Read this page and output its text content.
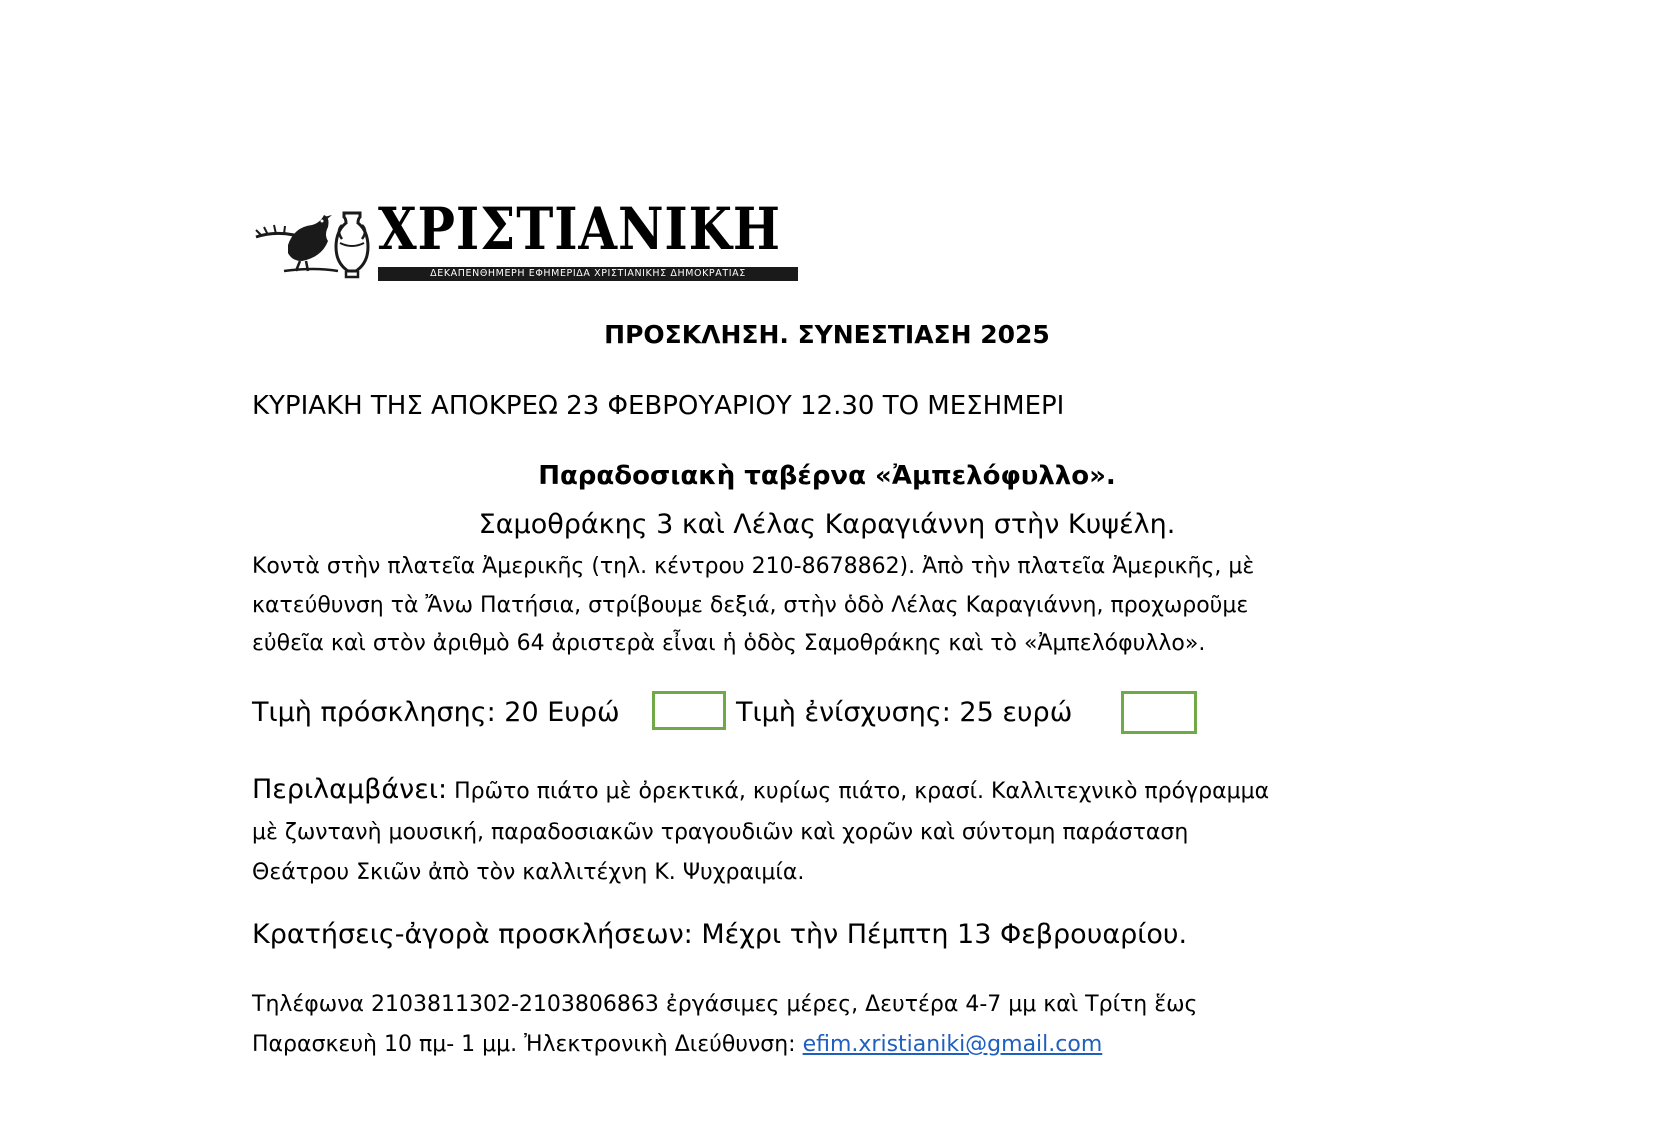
ΧΡΙΣΤΙΑΝΙΚΗ
ΔΕΚΑΠΕΝΘΗΜΕΡΗ ΕΦΗΜΕΡΙΔΑ ΧΡΙΣΤΙΑΝΙΚΗΣ ΔΗΜΟΚΡΑΤΙΑΣ
ΠΡΟΣΚΛΗΣΗ. ΣΥΝΕΣΤΙΑΣΗ 2025
ΚΥΡΙΑΚΗ ΤΗΣ ΑΠΟΚΡΕΩ 23 ΦΕΒΡΟΥΑΡΙΟΥ 12.30 ΤΟ ΜΕΣΗΜΕΡΙ
Παραδοσιακὴ ταβέρνα «Ἀμπελόφυλλο».
Σαμοθράκης 3 καὶ Λέλας Καραγιάννη στὴν Κυψέλη.
Κοντὰ στὴν πλατεῖα Ἀμερικῆς (τηλ. κέντρου 210-8678862). Ἀπὸ τὴν πλατεῖα Ἀμερικῆς, μὲ
κατεύθυνση τὰ Ἄνω Πατήσια, στρίβουμε δεξιά, στὴν ὁδὸ Λέλας Καραγιάννη, προχωροῦμε
εὐθεῖα καὶ στὸν ἀριθμὸ 64 ἀριστερὰ εἶναι ἡ ὁδὸς Σαμοθράκης καὶ τὸ «Ἀμπελόφυλλο».
Τιμὴ πρόσκλησης: 20 Ευρώ	Τιμὴ ἐνίσχυσης: 25 ευρώ
Περιλαμβάνει: Πρῶτο πιάτο μὲ ὀρεκτικά, κυρίως πιάτο, κρασί. Καλλιτεχνικὸ πρόγραμμα
μὲ ζωντανὴ μουσική, παραδοσιακῶν τραγουδιῶν καὶ χορῶν καὶ σύντομη παράσταση
Θεάτρου Σκιῶν ἀπὸ τὸν καλλιτέχνη Κ. Ψυχραιμία.
Κρατήσεις-ἀγορὰ προσκλήσεων: Μέχρι τὴν Πέμπτη 13 Φεβρουαρίου.
Τηλέφωνα 2103811302-2103806863 ἐργάσιμες μέρες, Δευτέρα 4-7 μμ καὶ Τρίτη ἕως
Παρασκευὴ 10 πμ- 1 μμ. Ἠλεκτρονικὴ Διεύθυνση: efim.xristianiki@gmail.com
